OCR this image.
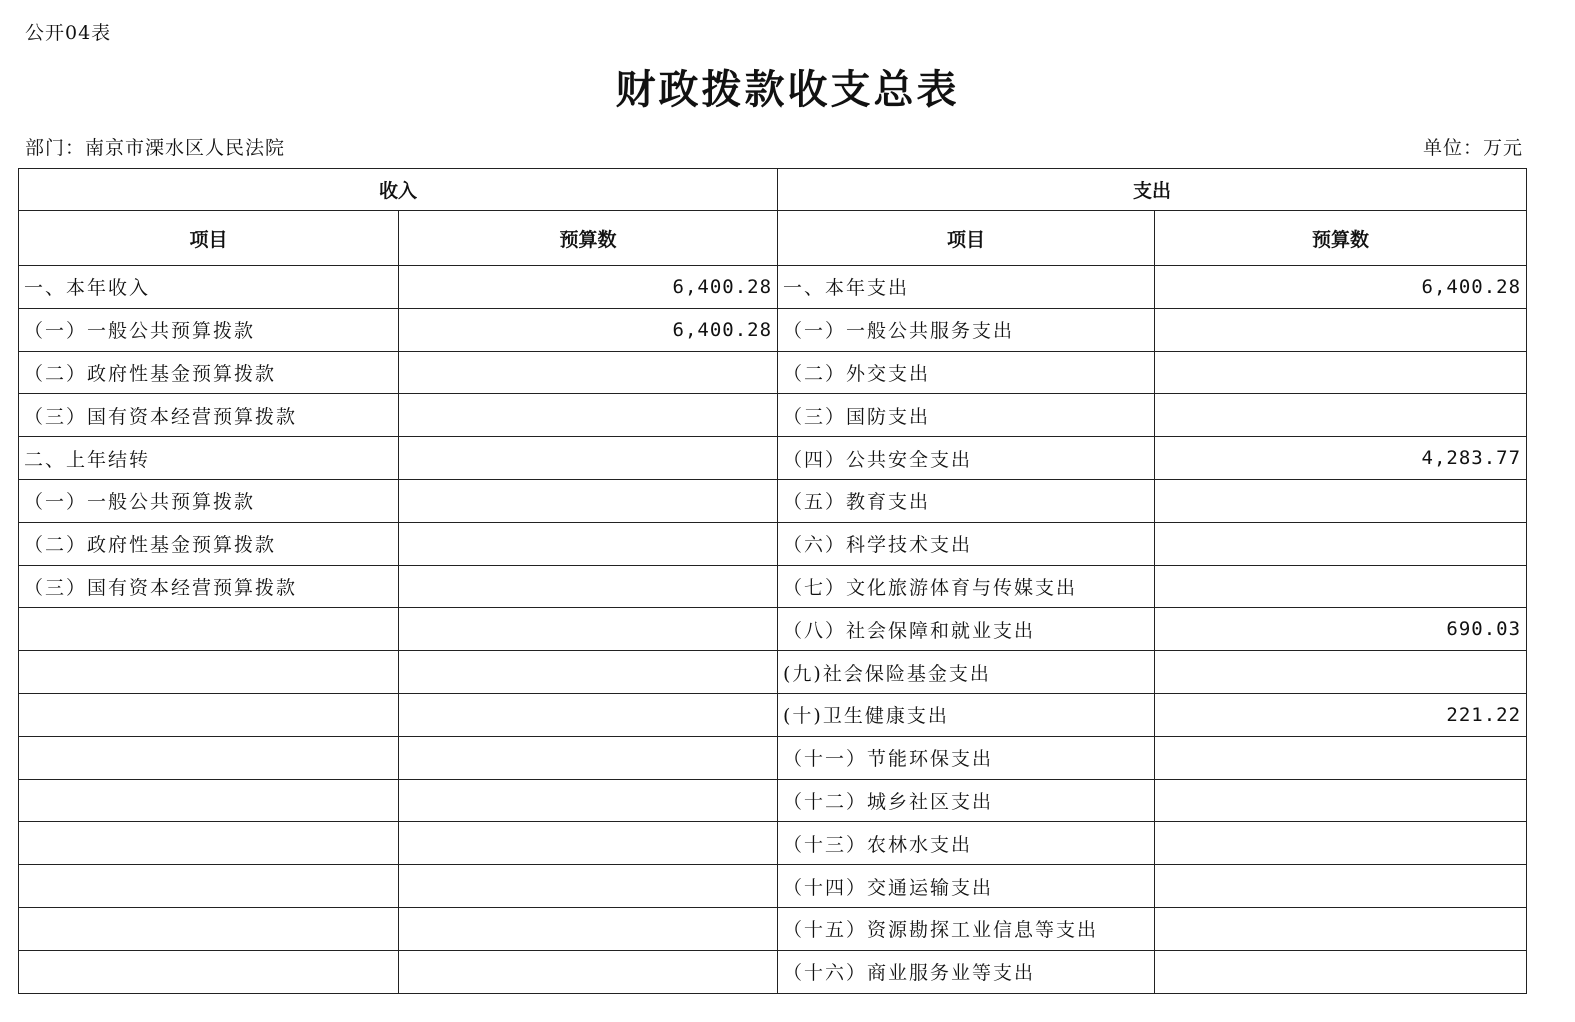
公开04表
财政拨款收支总表
部门：南京市溧水区人民法院	单位：万元
收入		支出	
项目	预算数	项目	预算数
一、本年收入	6,400.28	一、本年支出	6,400.28
（一）一般公共预算拨款	6,400.28	（一）一般公共服务支出	
（二）政府性基金预算拨款		（二）外交支出	
（三）国有资本经营预算拨款		（三）国防支出	
二、上年结转		（四）公共安全支出	4,283.77
（一）一般公共预算拨款		（五）教育支出	
（二）政府性基金预算拨款		（六）科学技术支出	
（三）国有资本经营预算拨款		（七）文化旅游体育与传媒支出	
		（八）社会保障和就业支出	690.03
		(九)社会保险基金支出	
		(十)卫生健康支出	221.22
		（十一）节能环保支出	
		（十二）城乡社区支出	
		（十三）农林水支出	
		（十四）交通运输支出	
		（十五）资源勘探工业信息等支出	
		（十六）商业服务业等支出	
